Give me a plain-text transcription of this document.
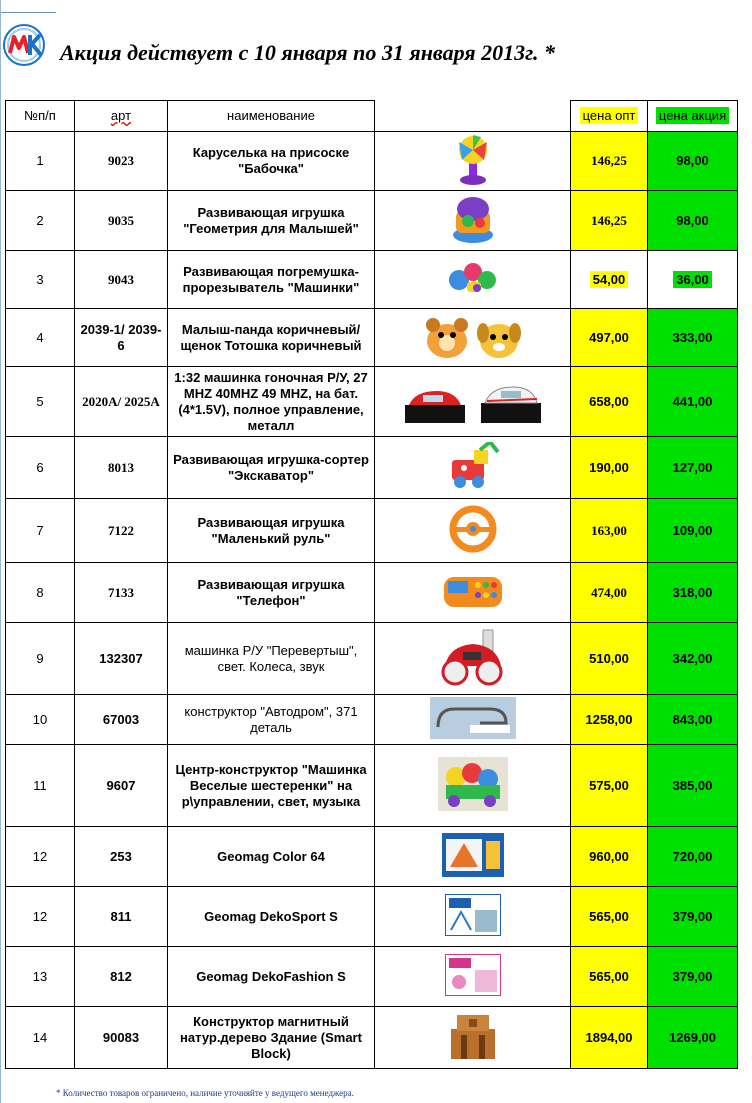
Акция действует с 10 января по 31 января 2013г. *
№п/п	арт	наименование		цена опт	цена акция
1	9023	Каруселька на присоске "Бабочка"		146,25	98,00
2	9035	Развивающая игрушка "Геометрия для Малышей"		146,25	98,00
3	9043	Развивающая погремушка-прорезыватель "Машинки"		54,00	36,00
4	2039-1/ 2039-6	Малыш-панда коричневый/ щенок Тотошка коричневый		497,00	333,00
5	2020A/ 2025A	1:32 машинка гоночная Р/У, 27 MHZ 40MHZ 49 MHZ, на бат. (4*1.5V), полное управление, металл		658,00	441,00
6	8013	Развивающая игрушка-сортер "Экскаватор"		190,00	127,00
7	7122	Развивающая игрушка "Маленький руль"		163,00	109,00
8	7133	Развивающая игрушка "Телефон"		474,00	318,00
9	132307	машинка Р/У "Перевертыш", свет. Колеса, звук		510,00	342,00
10	67003	конструктор "Автодром", 371 деталь		1258,00	843,00
11	9607	Центр-конструктор "Машинка Веселые шестеренки" на р\управлении, свет, музыка		575,00	385,00
12	253	Geomag Color 64		960,00	720,00
12	811	Geomag DekoSport S		565,00	379,00
13	812	Geomag DekoFashion S		565,00	379,00
14	90083	Конструктор магнитный натур.дерево Здание (Smart Block)		1894,00	1269,00
* Количество товаров ограничено, наличие уточняйте у ведущего менеджера.
